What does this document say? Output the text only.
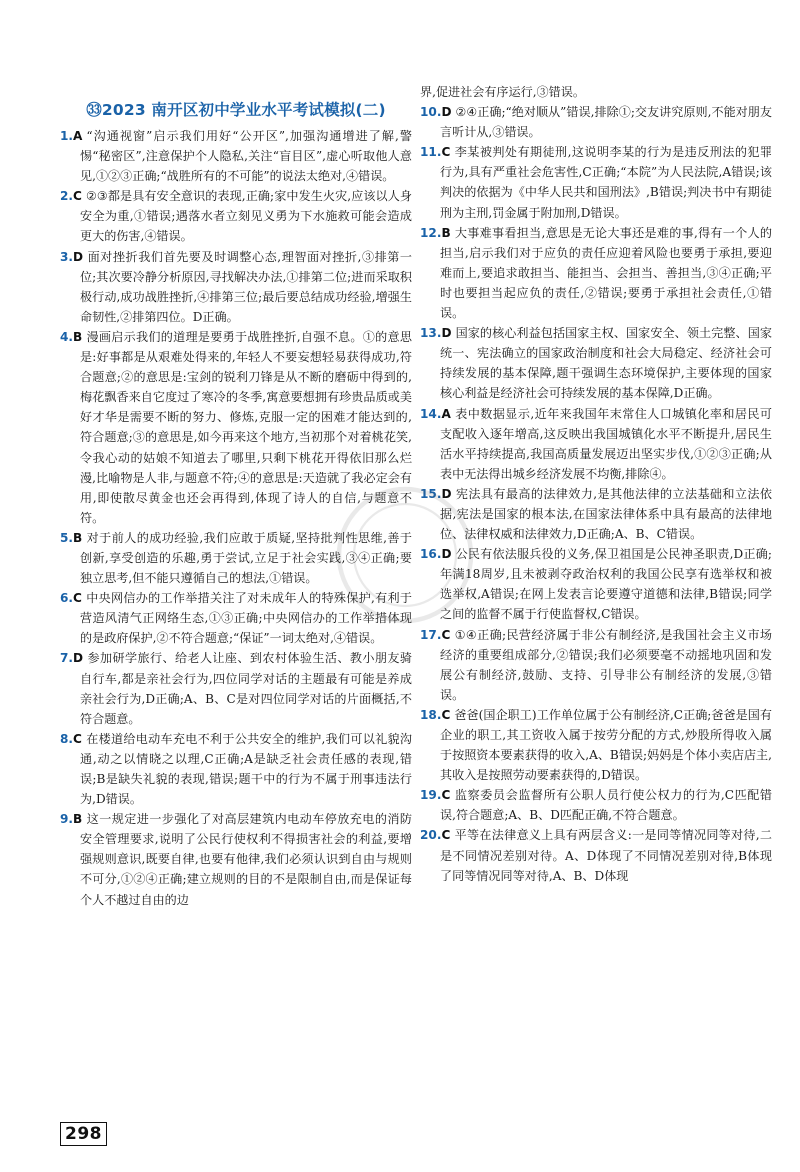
㉝2023 南开区初中学业水平考试模拟(二)
1.A “沟通视窗”启示我们用好“公开区”,加强沟通增进了解,警惕“秘密区”,注意保护个人隐私,关注“盲目区”,虚心听取他人意见,①②③正确;“战胜所有的不可能”的说法太绝对,④错误。
2.C ②③都是具有安全意识的表现,正确;家中发生火灾,应该以人身安全为重,①错误;遇落水者立刻见义勇为下水施救可能会造成更大的伤害,④错误。
3.D 面对挫折我们首先要及时调整心态,理智面对挫折,③排第一位;其次要冷静分析原因,寻找解决办法,①排第二位;进而采取积极行动,成功战胜挫折,④排第三位;最后要总结成功经验,增强生命韧性,②排第四位。D正确。
4.B 漫画启示我们的道理是要勇于战胜挫折,自强不息。①的意思是:好事都是从艰难处得来的,年轻人不要妄想轻易获得成功,符合题意;②的意思是:宝剑的锐利刀锋是从不断的磨砺中得到的,梅花飘香来自它度过了寒冷的冬季,寓意要想拥有珍贵品质或美好才华是需要不断的努力、修炼,克服一定的困难才能达到的,符合题意;③的意思是,如今再来这个地方,当初那个对着桃花笑,令我心动的姑娘不知道去了哪里,只剩下桃花开得依旧那么烂漫,比喻物是人非,与题意不符;④的意思是:天造就了我必定会有用,即使散尽黄金也还会再得到,体现了诗人的自信,与题意不符。
5.B 对于前人的成功经验,我们应敢于质疑,坚持批判性思维,善于创新,享受创造的乐趣,勇于尝试,立足于社会实践,③④正确;要独立思考,但不能只遵循自己的想法,①错误。
6.C 中央网信办的工作举措关注了对未成年人的特殊保护,有利于营造风清气正网络生态,①③正确;中央网信办的工作举措体现的是政府保护,②不符合题意;“保证”一词太绝对,④错误。
7.D 参加研学旅行、给老人让座、到农村体验生活、教小朋友骑自行车,都是亲社会行为,四位同学对话的主题最有可能是养成亲社会行为,D正确;A、B、C是对四位同学对话的片面概括,不符合题意。
8.C 在楼道给电动车充电不利于公共安全的维护,我们可以礼貌沟通,动之以情晓之以理,C正确;A是缺乏社会责任感的表现,错误;B是缺失礼貌的表现,错误;题干中的行为不属于刑事违法行为,D错误。
9.B 这一规定进一步强化了对高层建筑内电动车停放充电的消防安全管理要求,说明了公民行使权利不得损害社会的利益,要增强规则意识,既要自律,也要有他律,我们必须认识到自由与规则不可分,①②④正确;建立规则的目的不是限制自由,而是保证每个人不越过自由的边
界,促进社会有序运行,③错误。
10.D ②④正确;“绝对顺从”错误,排除①;交友讲究原则,不能对朋友言听计从,③错误。
11.C 李某被判处有期徒刑,这说明李某的行为是违反刑法的犯罪行为,具有严重社会危害性,C正确;“本院”为人民法院,A错误;该判决的依据为《中华人民共和国刑法》,B错误;判决书中有期徒刑为主刑,罚金属于附加刑,D错误。
12.B 大事难事看担当,意思是无论大事还是难的事,得有一个人的担当,启示我们对于应负的责任应迎着风险也要勇于承担,要迎难而上,要追求敢担当、能担当、会担当、善担当,③④正确;平时也要担当起应负的责任,②错误;要勇于承担社会责任,①错误。
13.D 国家的核心利益包括国家主权、国家安全、领土完整、国家统一、宪法确立的国家政治制度和社会大局稳定、经济社会可持续发展的基本保障,题干强调生态环境保护,主要体现的国家核心利益是经济社会可持续发展的基本保障,D正确。
14.A 表中数据显示,近年来我国年末常住人口城镇化率和居民可支配收入逐年增高,这反映出我国城镇化水平不断提升,居民生活水平持续提高,我国高质量发展迈出坚实步伐,①②③正确;从表中无法得出城乡经济发展不均衡,排除④。
15.D 宪法具有最高的法律效力,是其他法律的立法基础和立法依据,宪法是国家的根本法,在国家法律体系中具有最高的法律地位、法律权威和法律效力,D正确;A、B、C错误。
16.D 公民有依法服兵役的义务,保卫祖国是公民神圣职责,D正确;年满18周岁,且未被剥夺政治权利的我国公民享有选举权和被选举权,A错误;在网上发表言论要遵守道德和法律,B错误;同学之间的监督不属于行使监督权,C错误。
17.C ①④正确;民营经济属于非公有制经济,是我国社会主义市场经济的重要组成部分,②错误;我们必须要毫不动摇地巩固和发展公有制经济,鼓励、支持、引导非公有制经济的发展,③错误。
18.C 爸爸(国企职工)工作单位属于公有制经济,C正确;爸爸是国有企业的职工,其工资收入属于按劳分配的方式,炒股所得收入属于按照资本要素获得的收入,A、B错误;妈妈是个体小卖店店主,其收入是按照劳动要素获得的,D错误。
19.C 监察委员会监督所有公职人员行使公权力的行为,C匹配错误,符合题意;A、B、D匹配正确,不符合题意。
20.C 平等在法律意义上具有两层含义:一是同等情况同等对待,二是不同情况差别对待。A、D体现了不同情况差别对待,B体现了同等情况同等对待,A、B、D体现
298
